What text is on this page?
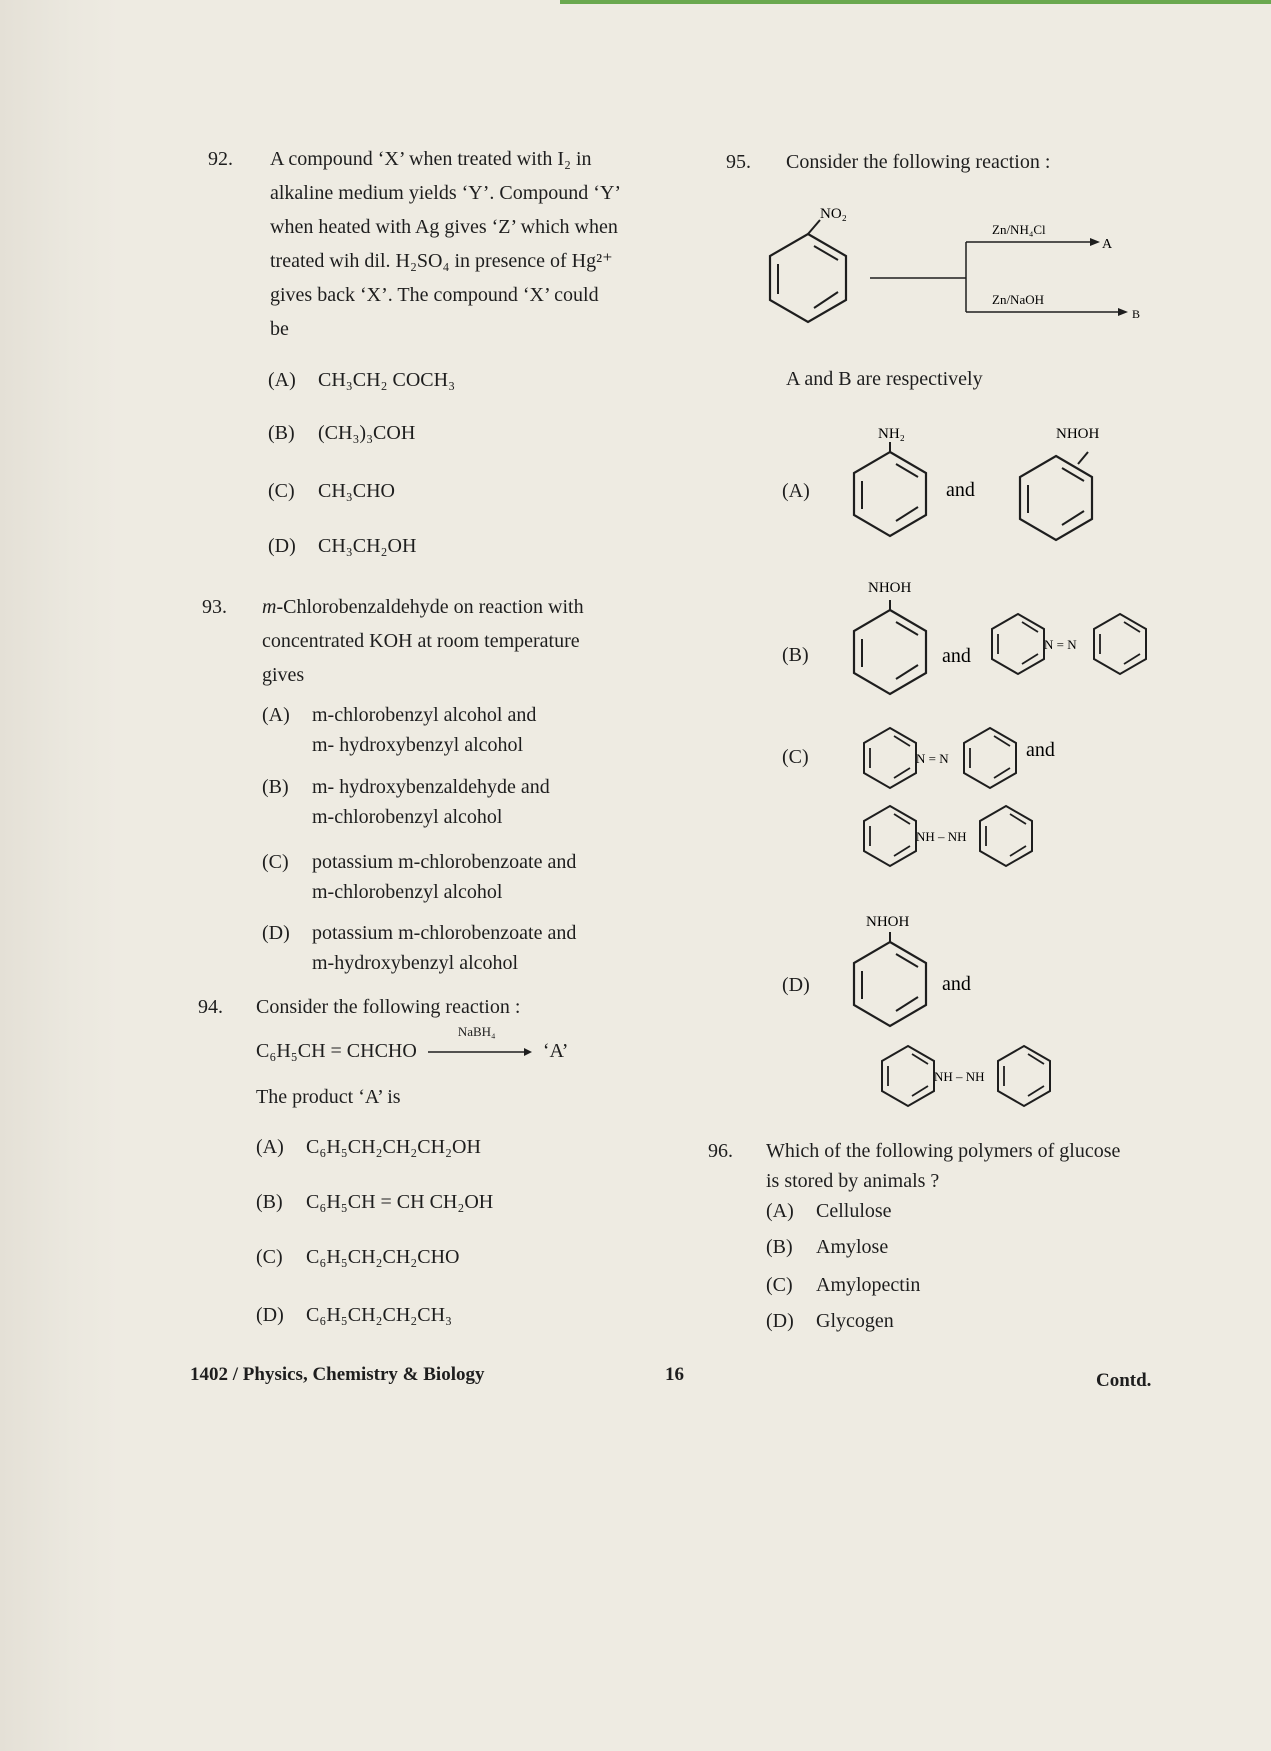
92. A compound ‘X’ when treated with I₂ in
alkaline medium yields ‘Y’. Compound ‘Y’
when heated with Ag gives ‘Z’ which when
treated wih dil. H₂SO₄ in presence of Hg²⁺
gives back ‘X’. The compound ‘X’ could
be
(A) CH₃CH₂ COCH₃
(B) (CH₃)₃COH
(C) CH₃CHO
(D) CH₃CH₂OH
93. m-Chlorobenzaldehyde on reaction with
concentrated KOH at room temperature
gives
(A) m-chlorobenzyl alcohol and
m- hydroxybenzyl alcohol
(B) m- hydroxybenzaldehyde and
m-chlorobenzyl alcohol
(C) potassium m-chlorobenzoate and
m-chlorobenzyl alcohol
(D) potassium m-chlorobenzoate and
m-hydroxybenzyl alcohol
94. Consider the following reaction :
C₆H₅CH = CHCHO
NaBH₄
‘A’
The product ‘A’ is
(A) C₆H₅CH₂CH₂CH₂OH
(B) C₆H₅CH = CH CH₂OH
(C) C₆H₅CH₂CH₂CHO
(D) C₆H₅CH₂CH₂CH₃
95. Consider the following reaction :
NO₂
Zn/NH₄Cl
A
Zn/NaOH
B
A and B are respectively
(A)
NH₂
and
NHOH
(B)
NHOH
and
N = N
(C)	N = N	and
NH – NH
(D)
NHOH
and
NH – NH
96. Which of the following polymers of glucose
is stored by animals ?
(A) Cellulose
(B) Amylose
(C) Amylopectin
(D) Glycogen
1402 / Physics, Chemistry & Biology	16	Contd.
